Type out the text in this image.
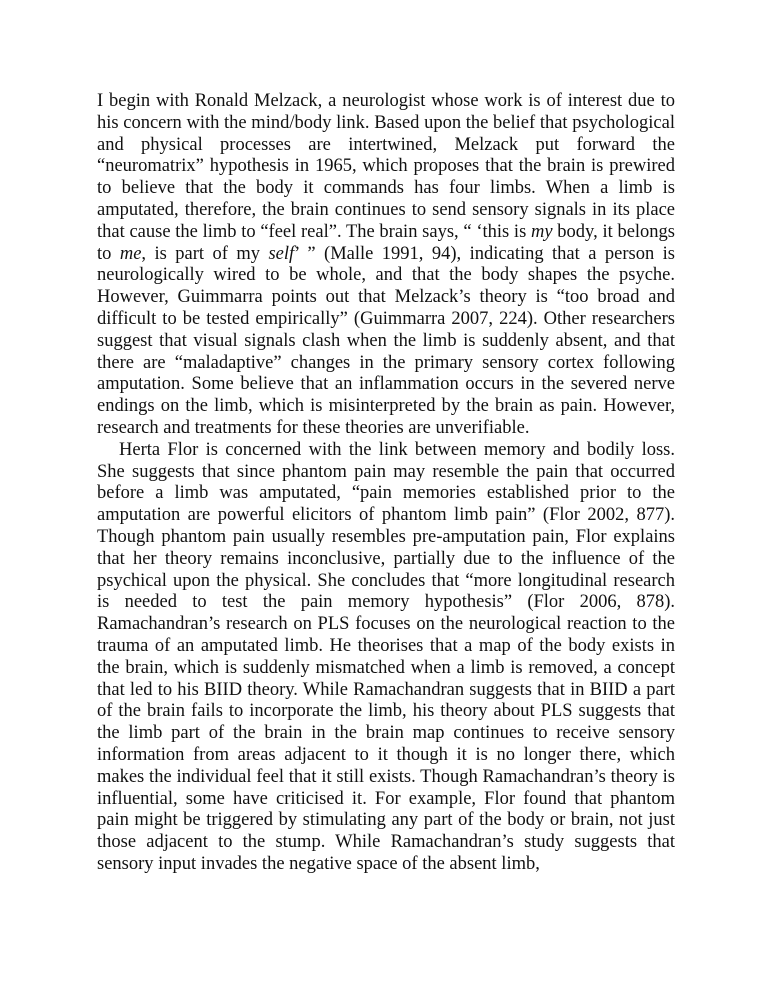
I begin with Ronald Melzack, a neurologist whose work is of interest due to his concern with the mind/body link. Based upon the belief that psychological and physical processes are intertwined, Melzack put forward the “neuromatrix” hypothesis in 1965, which proposes that the brain is prewired to believe that the body it commands has four limbs. When a limb is amputated, therefore, the brain continues to send sensory signals in its place that cause the limb to “feel real”. The brain says, “ ‘this is my body, it belongs to me, is part of my self’ ” (Malle 1991, 94), indicating that a person is neurologically wired to be whole, and that the body shapes the psyche. However, Guimmarra points out that Melzack’s theory is “too broad and difficult to be tested empirically” (Guimmarra 2007, 224). Other researchers suggest that visual signals clash when the limb is suddenly absent, and that there are “maladaptive” changes in the primary sensory cortex following amputation. Some believe that an inflammation occurs in the severed nerve endings on the limb, which is misinterpreted by the brain as pain. However, research and treatments for these theories are unverifiable.

Herta Flor is concerned with the link between memory and bodily loss. She suggests that since phantom pain may resemble the pain that occurred before a limb was amputated, “pain memories established prior to the amputation are powerful elicitors of phantom limb pain” (Flor 2002, 877). Though phantom pain usually resembles pre-amputation pain, Flor explains that her theory remains inconclusive, partially due to the influence of the psychical upon the physical. She concludes that “more longitudinal research is needed to test the pain memory hypothesis” (Flor 2006, 878). Ramachandran’s research on PLS focuses on the neurological reaction to the trauma of an amputated limb. He theorises that a map of the body exists in the brain, which is suddenly mismatched when a limb is removed, a concept that led to his BIID theory. While Ramachandran suggests that in BIID a part of the brain fails to incorporate the limb, his theory about PLS suggests that the limb part of the brain in the brain map continues to receive sensory information from areas adjacent to it though it is no longer there, which makes the individual feel that it still exists. Though Ramachandran’s theory is influential, some have criticised it. For example, Flor found that phantom pain might be triggered by stimulating any part of the body or brain, not just those adjacent to the stump. While Ramachandran’s study suggests that sensory input invades the negative space of the absent limb,
